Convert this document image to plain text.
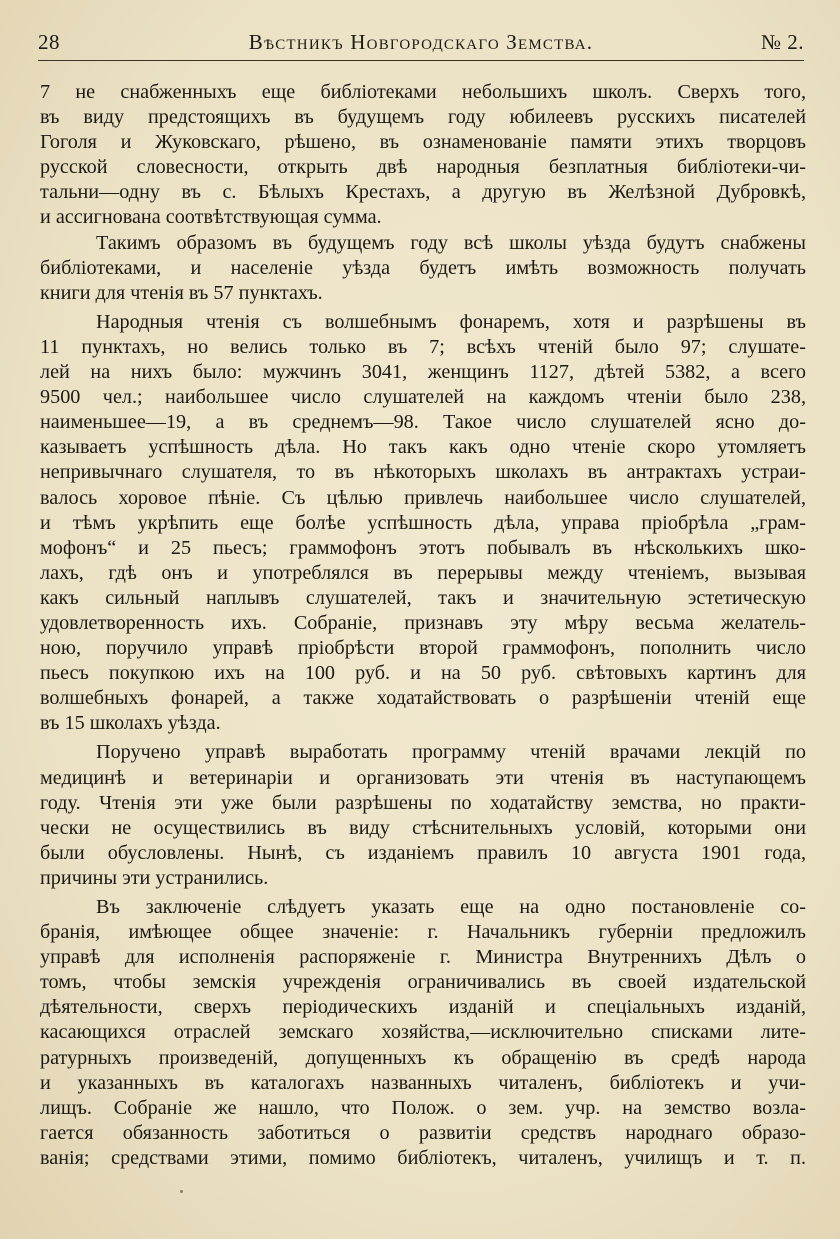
28	Вѣстникъ Новгородскаго Земства.	№ 2.
7 не снабженныхъ еще библіотеками небольшихъ школъ. Сверхъ того,
въ виду предстоящихъ въ будущемъ году юбилеевъ русскихъ писателей
Гоголя и Жуковскаго, рѣшено, въ ознаменованіе памяти этихъ творцовъ
русской словесности, открыть двѣ народныя безплатныя библіотеки-чи-
тальни—одну въ с. Бѣлыхъ Крестахъ, а другую въ Желѣзной Дубровкѣ,
и ассигнована соотвѣтствующая сумма.
Такимъ образомъ въ будущемъ году всѣ школы уѣзда будутъ снабжены
библіотеками, и населеніе уѣзда будетъ имѣть возможность получать
книги для чтенія въ 57 пунктахъ.
Народныя чтенія съ волшебнымъ фонаремъ, хотя и разрѣшены въ
11 пунктахъ, но велись только въ 7; всѣхъ чтеній было 97; слушате-
лей на нихъ было: мужчинъ 3041, женщинъ 1127, дѣтей 5382, а всего
9500 чел.; наибольшее число слушателей на каждомъ чтеніи было 238,
наименьшее—19, а въ среднемъ—98. Такое число слушателей ясно до-
казываетъ успѣшность дѣла. Но такъ какъ одно чтеніе скоро утомляетъ
непривычнаго слушателя, то въ нѣкоторыхъ школахъ въ антрактахъ устраи-
валось хоровое пѣніе. Съ цѣлью привлечь наибольшее число слушателей,
и тѣмъ укрѣпить еще болѣе успѣшность дѣла, управа пріобрѣла „грам-
мофонъ“ и 25 пьесъ; граммофонъ этотъ побывалъ въ нѣсколькихъ шко-
лахъ, гдѣ онъ и употреблялся въ перерывы между чтеніемъ, вызывая
какъ сильный наплывъ слушателей, такъ и значительную эстетическую
удовлетворенность ихъ. Собраніе, признавъ эту мѣру весьма желатель-
ною, поручило управѣ пріобрѣсти второй граммофонъ, пополнить число
пьесъ покупкою ихъ на 100 руб. и на 50 руб. свѣтовыхъ картинъ для
волшебныхъ фонарей, а также ходатайствовать о разрѣшеніи чтеній еще
въ 15 школахъ уѣзда.
Поручено управѣ выработать программу чтеній врачами лекцій по
медицинѣ и ветеринаріи и организовать эти чтенія въ наступающемъ
году. Чтенія эти уже были разрѣшены по ходатайству земства, но практи-
чески не осуществились въ виду стѣснительныхъ условій, которыми они
были обусловлены. Нынѣ, съ изданіемъ правилъ 10 августа 1901 года,
причины эти устранились.
Въ заключеніе слѣдуетъ указать еще на одно постановленіе со-
бранія, имѣющее общее значеніе: г. Начальникъ губерніи предложилъ
управѣ для исполненія распоряженіе г. Министра Внутреннихъ Дѣлъ о
томъ, чтобы земскія учрежденія ограничивались въ своей издательской
дѣятельности, сверхъ періодическихъ изданій и спеціальныхъ изданій,
касающихся отраслей земскаго хозяйства,—исключительно списками лите-
ратурныхъ произведеній, допущенныхъ къ обращенію въ средѣ народа
и указанныхъ въ каталогахъ названныхъ читаленъ, библіотекъ и учи-
лищъ. Собраніе же нашло, что Полож. о зем. учр. на земство возла-
гается обязанность заботиться о развитіи средствъ народнаго образо-
ванія; средствами этими, помимо библіотекъ, читаленъ, училищъ и т. п.
